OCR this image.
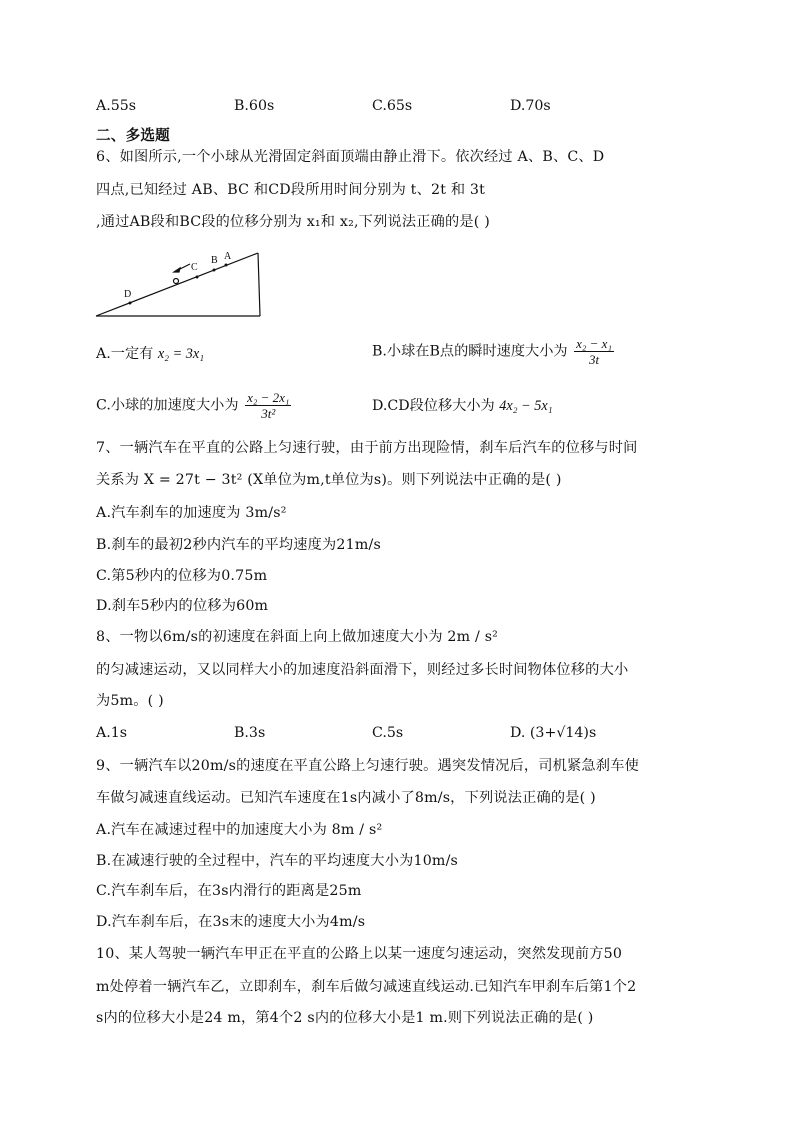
A.55s	B.60s	C.65s	D.70s
二、多选题
6、如图所示,一个小球从光滑固定斜面顶端由静止滑下。依次经过 A、B、C、D
四点,已知经过 AB、BC 和CD段所用时间分别为 t、2t 和 3t
,通过AB段和BC段的位移分别为 x₁和 x₂,下列说法正确的是( )
D
C
B A
A.一定有 x₂ = 3x₁	B.小球在B点的瞬时速度大小为 $\frac{\text{x₂ − x₁}}{3t}$
C.小球的加速度大小为 $\frac{\text{x₂ − 2x₁}}{\text{3t²}}$	D.CD段位移大小为 4x₂ − 5x₁
7、一辆汽车在平直的公路上匀速行驶，由于前方出现险情，刹车后汽车的位移与时间
关系为 X = 27t − 3t² (X单位为m,t单位为s)。则下列说法中正确的是( )
A.汽车刹车的加速度为 3m/s²
B.刹车的最初2秒内汽车的平均速度为21m/s
C.第5秒内的位移为0.75m
D.刹车5秒内的位移为60m
8、一物以6m/s的初速度在斜面上向上做加速度大小为 2m / s²
的匀减速运动，又以同样大小的加速度沿斜面滑下，则经过多长时间物体位移的大小
为5m。( )
A.1s	B.3s	C.5s	D. (3+√14)s
9、一辆汽车以20m/s的速度在平直公路上匀速行驶。遇突发情况后，司机紧急刹车使
车做匀减速直线运动。已知汽车速度在1s内减小了8m/s，下列说法正确的是( )
A.汽车在减速过程中的加速度大小为 8m / s²
B.在减速行驶的全过程中，汽车的平均速度大小为10m/s
C.汽车刹车后，在3s内滑行的距离是25m
D.汽车刹车后，在3s末的速度大小为4m/s
10、某人驾驶一辆汽车甲正在平直的公路上以某一速度匀速运动，突然发现前方50
m处停着一辆汽车乙，立即刹车，刹车后做匀减速直线运动.已知汽车甲刹车后第1个2
s内的位移大小是24 m，第4个2 s内的位移大小是1 m.则下列说法正确的是( )
